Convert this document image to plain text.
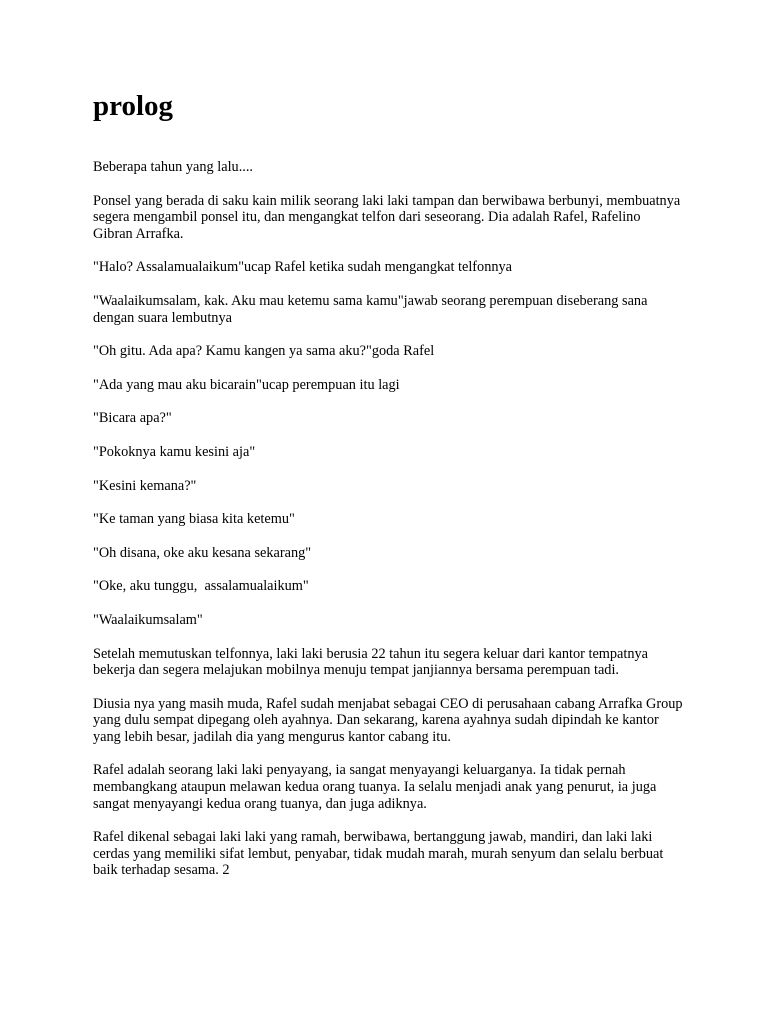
prolog

Beberapa tahun yang lalu....

Ponsel yang berada di saku kain milik seorang laki laki tampan dan berwibawa berbunyi, membuatnya segera mengambil ponsel itu, dan mengangkat telfon dari seseorang. Dia adalah Rafel, Rafelino Gibran Arrafka.

"Halo? Assalamualaikum"ucap Rafel ketika sudah mengangkat telfonnya

"Waalaikumsalam, kak. Aku mau ketemu sama kamu"jawab seorang perempuan diseberang sana dengan suara lembutnya

"Oh gitu. Ada apa? Kamu kangen ya sama aku?"goda Rafel

"Ada yang mau aku bicarain"ucap perempuan itu lagi

"Bicara apa?"

"Pokoknya kamu kesini aja"

"Kesini kemana?"

"Ke taman yang biasa kita ketemu"

"Oh disana, oke aku kesana sekarang"

"Oke, aku tunggu,  assalamualaikum"

"Waalaikumsalam"

Setelah memutuskan telfonnya, laki laki berusia 22 tahun itu segera keluar dari kantor tempatnya bekerja dan segera melajukan mobilnya menuju tempat janjiannya bersama perempuan tadi.

Diusia nya yang masih muda, Rafel sudah menjabat sebagai CEO di perusahaan cabang Arrafka Group yang dulu sempat dipegang oleh ayahnya. Dan sekarang, karena ayahnya sudah dipindah ke kantor yang lebih besar, jadilah dia yang mengurus kantor cabang itu.

Rafel adalah seorang laki laki penyayang, ia sangat menyayangi keluarganya. Ia tidak pernah membangkang ataupun melawan kedua orang tuanya. Ia selalu menjadi anak yang penurut, ia juga sangat menyayangi kedua orang tuanya, dan juga adiknya.

Rafel dikenal sebagai laki laki yang ramah, berwibawa, bertanggung jawab, mandiri, dan laki laki cerdas yang memiliki sifat lembut, penyabar, tidak mudah marah, murah senyum dan selalu berbuat baik terhadap sesama. 2
